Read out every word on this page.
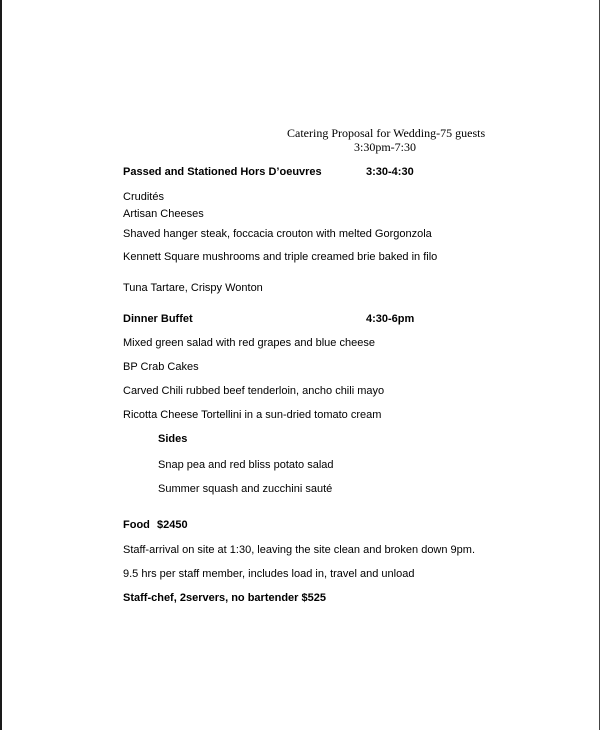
Catering Proposal for Wedding-75 guests
3:30pm-7:30
Passed and Stationed Hors D’oeuvres	3:30-4:30
Crudités
Artisan Cheeses
Shaved hanger steak, foccacia crouton with melted Gorgonzola
Kennett Square mushrooms and triple creamed brie baked in filo
Tuna Tartare, Crispy Wonton
Dinner Buffet	4:30-6pm
Mixed green salad with red grapes and blue cheese
BP Crab Cakes
Carved Chili rubbed beef tenderloin, ancho chili mayo
Ricotta Cheese Tortellini in a sun-dried tomato cream
Sides
Snap pea and red bliss potato salad
Summer squash and zucchini sauté
Food $2450
Staff-arrival on site at 1:30, leaving the site clean and broken down 9pm.
9.5 hrs per staff member, includes load in, travel and unload
Staff-chef, 2servers, no bartender $525
